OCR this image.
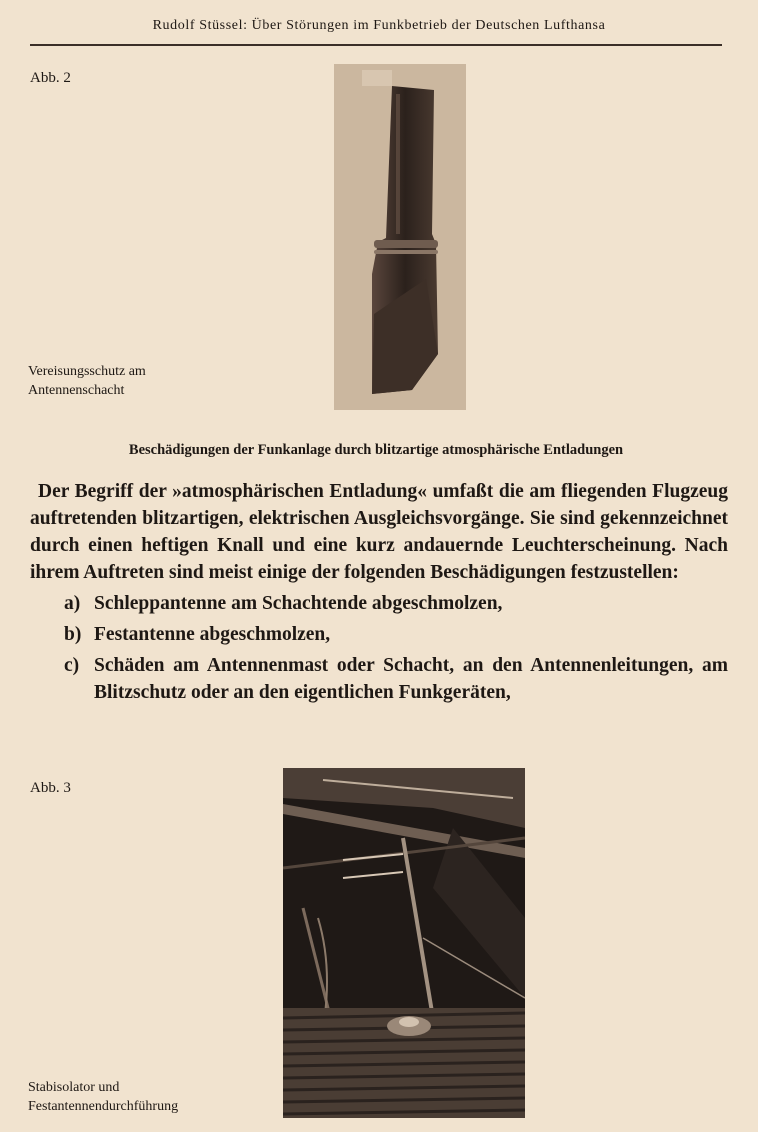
Rudolf Stüssel: Über Störungen im Funkbetrieb der Deutschen Lufthansa
Abb. 2
Vereisungsschutz am
Antennenschacht
Beschädigungen der Funkanlage durch blitzartige atmosphärische Entladungen

Der Begriff der »atmosphärischen Entladung« umfaßt die am fliegenden Flugzeug auftretenden blitzartigen, elektrischen Ausgleichsvorgänge. Sie sind gekennzeichnet durch einen heftigen Knall und eine kurz andauernde Leuchterscheinung. Nach ihrem Auftreten sind meist einige der folgenden Beschädigungen festzustellen:

a) Schleppantenne am Schachtende abgeschmolzen,
b) Festantenne abgeschmolzen,
c) Schäden am Antennenmast oder Schacht, an den Antennenleitungen, am Blitzschutz oder an den eigentlichen Funkgeräten,
Abb. 3
Stabisolator und
Festantennendurchführung
